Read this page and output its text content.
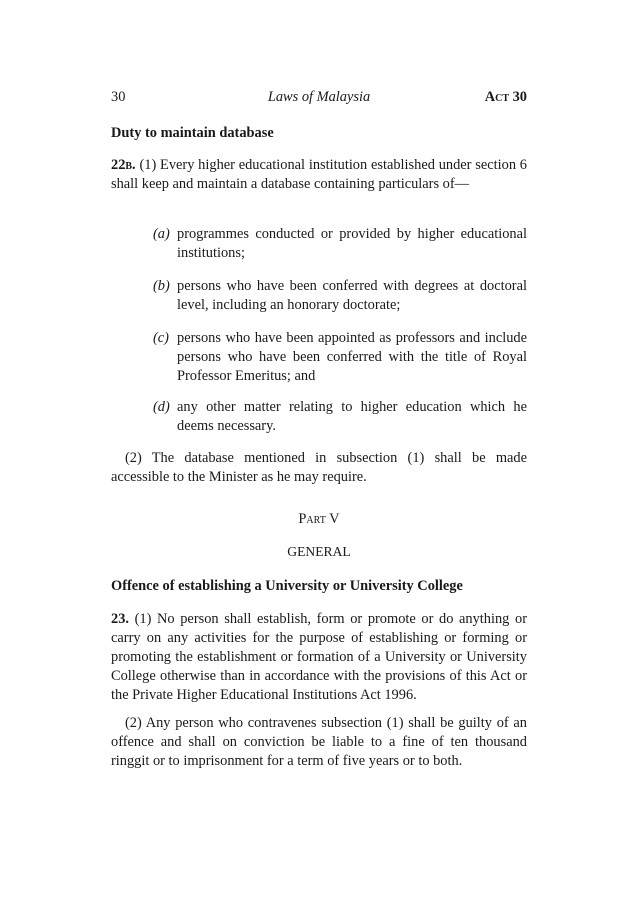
30	Laws of Malaysia	Act 30
Duty to maintain database
22b. (1) Every higher educational institution established under section 6 shall keep and maintain a database containing particulars of—
(a) programmes conducted or provided by higher educational institutions;
(b) persons who have been conferred with degrees at doctoral level, including an honorary doctorate;
(c) persons who have been appointed as professors and include persons who have been conferred with the title of Royal Professor Emeritus; and
(d) any other matter relating to higher education which he deems necessary.
(2) The database mentioned in subsection (1) shall be made accessible to the Minister as he may require.
Part V
GENERAL
Offence of establishing a University or University College
23. (1) No person shall establish, form or promote or do anything or carry on any activities for the purpose of establishing or forming or promoting the establishment or formation of a University or University College otherwise than in accordance with the provisions of this Act or the Private Higher Educational Institutions Act 1996.
(2) Any person who contravenes subsection (1) shall be guilty of an offence and shall on conviction be liable to a fine of ten thousand ringgit or to imprisonment for a term of five years or to both.
